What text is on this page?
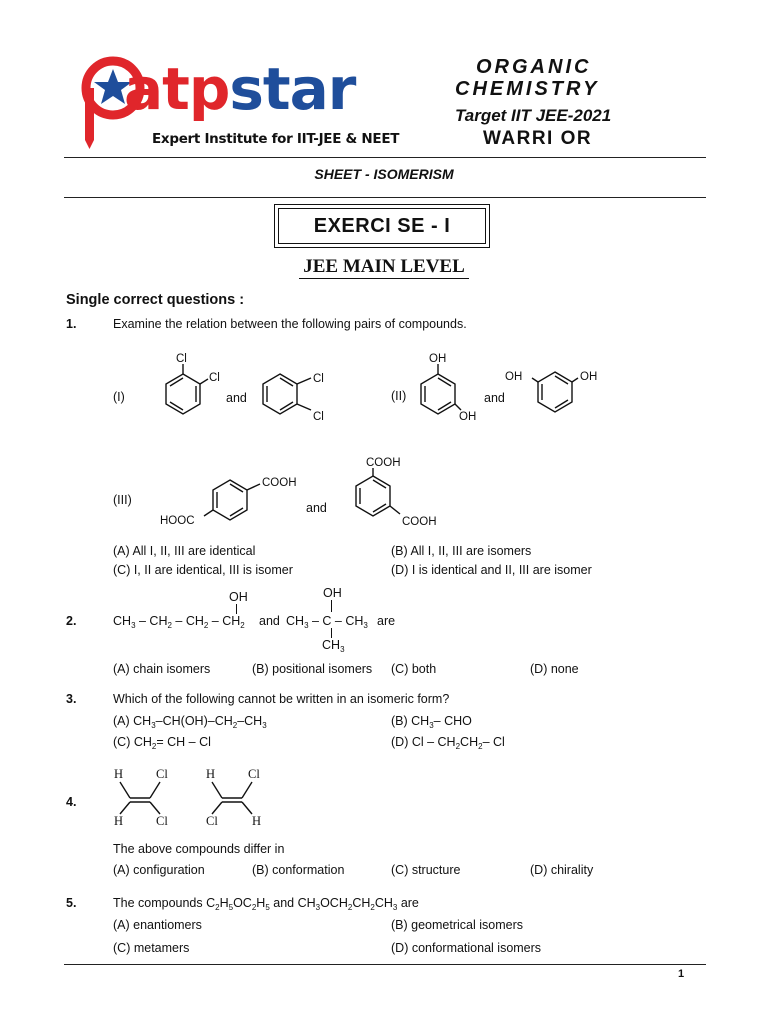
atpstar
Expert Institute for IIT-JEE & NEET
ORGANIC
CHEMISTRY
Target IIT JEE-2021
WARRI OR
SHEET - ISOMERISM
EXERCI SE - I
JEE MAIN LEVEL
Single correct questions :
1.	Examine the relation between the following pairs of compounds.
(I)
Cl
Cl
and
Cl
Cl
(II)
OH
OH
and
OH	OH
(III)
COOH
HOOC
and
COOH
COOH
(A) All I, II, III are identical	(B) All I, II, III are isomers
(C) I, II are identical, III is isomer	(D) I is identical and II, III are isomer
2.	$CH_3 - CH_2 - CH_2 - CH_2$
OH
and $CH_3$ – C – $CH_3$
OH
$CH_3$
are
(A) chain isomers	(B) positional isomers (C) both	(D) none
3.	Which of the following cannot be written in an isomeric form?
(A) $CH_3-CH(OH)-CH_2-CH_3$	(B) $CH_3-$ CHO
(C) $CH_2=$ CH – Cl	(D) Cl – $CH_2CH_2-$ Cl
4.
H	Cl
H	Cl
H	Cl
Cl	H
The above compounds differ in
(A) configuration	(B) conformation	(C) structure	(D) chirality
5.	The compounds $C_2H_5OC_2H_5$ and $CH_3OCH_2CH_2CH_3$ are
(A) enantiomers	(B) geometrical isomers
(C) metamers	(D) conformational isomers
1
